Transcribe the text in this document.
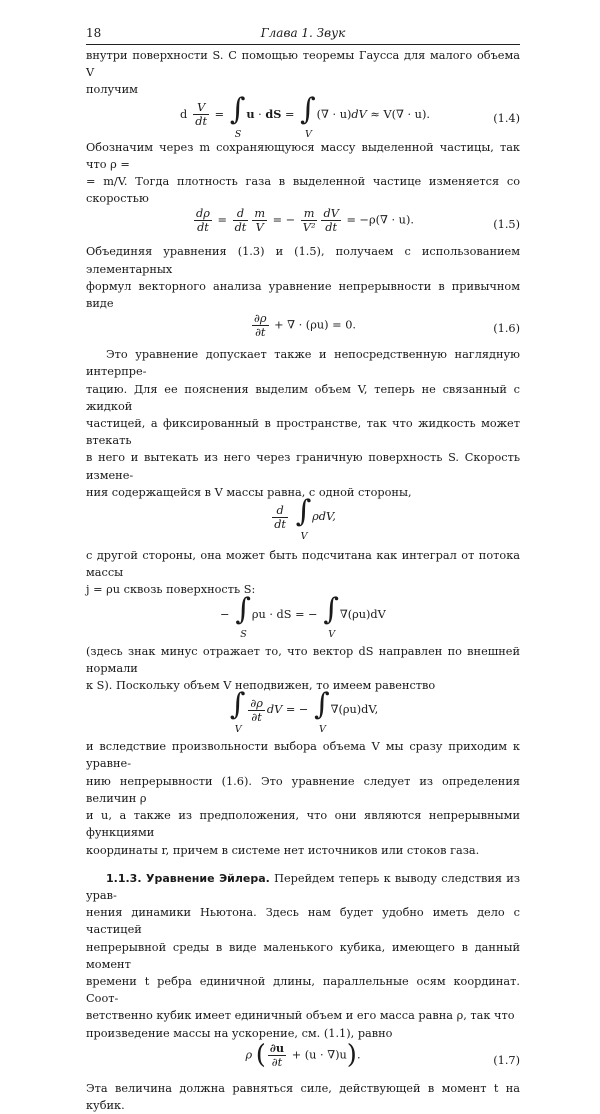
18	Глава 1. Звук

внутри поверхности S. С помощью теоремы Гаусса для малого объема V

получим

d $\frac{V}{dt}$ = ∫
S
u · dS = ∫
V
(∇ · u)dV ≈ V(∇ · u).	(1.4)

Обозначим через m сохраняющуюся массу выделенной частицы, так что ρ =

= m/V. Тогда плотность газа в выделенной частице изменяется со скоростью

$\frac{d\rho}{dt} = \frac{d}{dt} \frac{m}{V}$ = − $\frac{m}{\text{V²}} \frac{dV}{dt} = -\rho(\nabla \cdot u)$.	(1.5)

Объединяя уравнения (1.3) и (1.5), получаем с использованием элементарных

формул векторного анализа уравнение непрерывности в привычном виде

$\frac{\partial\rho}{\partial t}$ + ∇ · (ρu) = 0.	(1.6)

Это уравнение допускает также и непосредственную наглядную интерпре-

тацию. Для ее пояснения выделим объем V, теперь не связанный с жидкой

частицей, а фиксированный в пространстве, так что жидкость может втекать

в него и вытекать из него через граничную поверхность S. Скорость измене-

ния содержащейся в V массы равна, с одной стороны,

$\frac{d}{dt}$
∫
V
ρdV,

с другой стороны, она может быть подсчитана как интеграл от потока массы

j = ρu сквозь поверхность S:

− ∫
S
ρu · dS = − ∫
V
∇(ρu)dV

(здесь знак минус отражает то, что вектор dS направлен по внешней нормали

к S). Поскольку объем V неподвижен, то имеем равенство

∫
V

$\frac{\partial\rho}{\partial t}$ dV = − ∫
V
∇(ρu)dV,

и вследствие произвольности выбора объема V мы сразу приходим к уравне-

нию непрерывности (1.6). Это уравнение следует из определения величин ρ

и u, а также из предположения, что они являются непрерывными функциями

координаты r, причем в системе нет источников или стоков газа.

1.1.3. Уравнение Эйлера. Перейдем теперь к выводу следствия из урав-

нения динамики Ньютона. Здесь нам будет удобно иметь дело с частицей

непрерывной среды в виде маленького кубика, имеющего в данный момент

времени t ребра единичной длины, параллельные осям координат. Соот-

ветственно кубик имеет единичный объем и его масса равна ρ, так что

произведение массы на ускорение, см. (1.1), равно

ρ ( $\frac{\partial u}{\partial t} + (u \cdot \nabla)u$).	(1.7)

Эта величина должна равняться силе, действующей в момент t на кубик.
